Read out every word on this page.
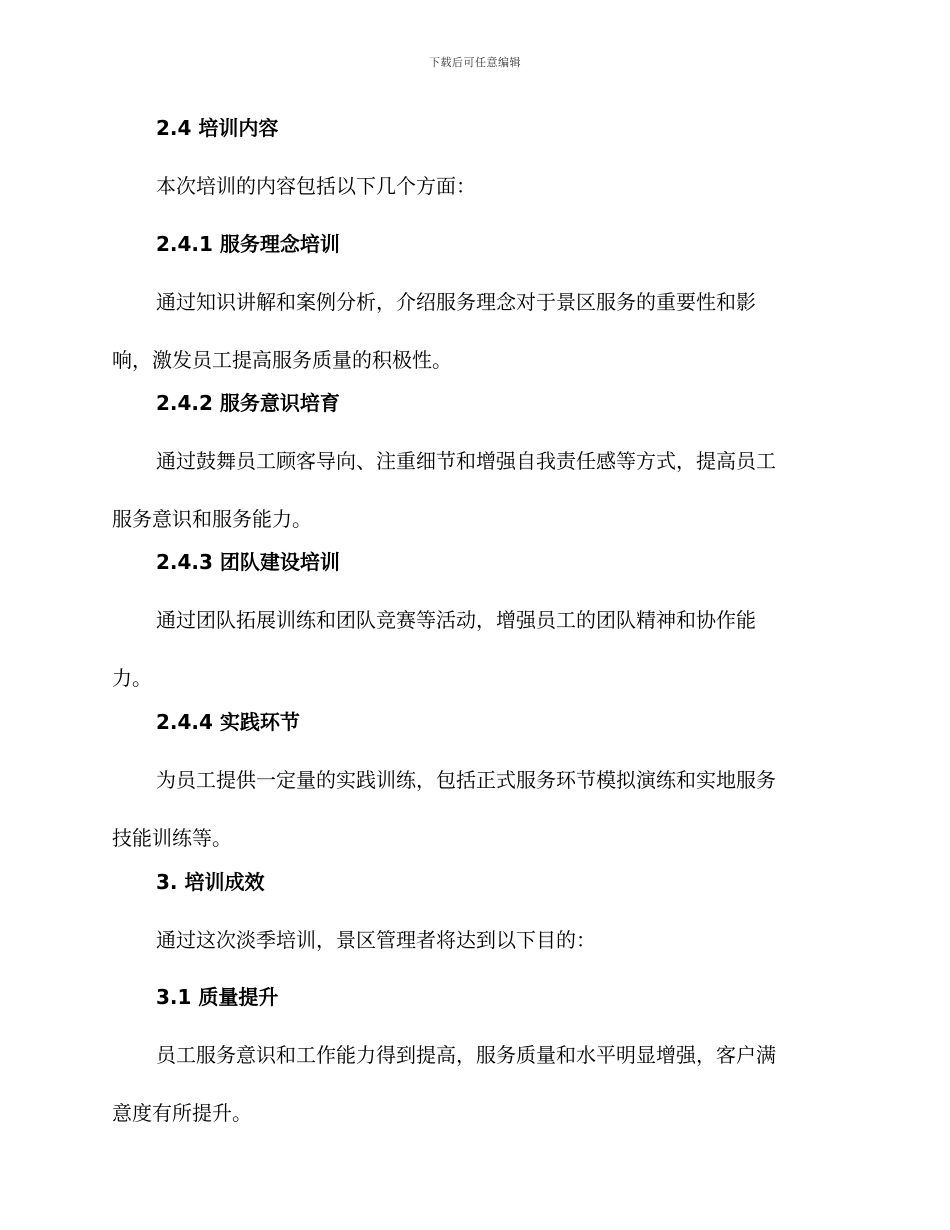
下载后可任意编辑
2.4 培训内容
本次培训的内容包括以下几个方面：
2.4.1 服务理念培训
通过知识讲解和案例分析，介绍服务理念对于景区服务的重要性和影
响，激发员工提高服务质量的积极性。
2.4.2 服务意识培育
通过鼓舞员工顾客导向、注重细节和增强自我责任感等方式，提高员工
服务意识和服务能力。
2.4.3 团队建设培训
通过团队拓展训练和团队竞赛等活动，增强员工的团队精神和协作能
力。
2.4.4 实践环节
为员工提供一定量的实践训练，包括正式服务环节模拟演练和实地服务
技能训练等。
3. 培训成效
通过这次淡季培训，景区管理者将达到以下目的：
3.1 质量提升
员工服务意识和工作能力得到提高，服务质量和水平明显增强，客户满
意度有所提升。
